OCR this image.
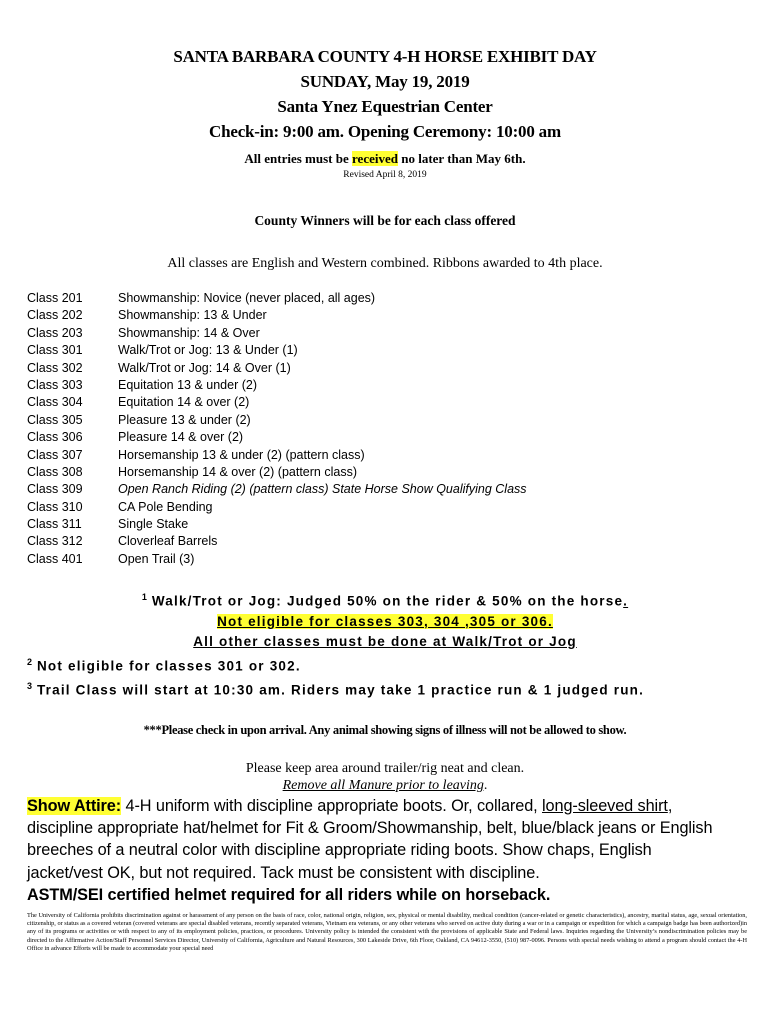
SANTA BARBARA COUNTY 4-H HORSE EXHIBIT DAY
SUNDAY, May 19, 2019
Santa Ynez Equestrian Center
Check-in: 9:00 am. Opening Ceremony: 10:00 am
All entries must be received no later than May 6th.
Revised April 8, 2019
County Winners will be for each class offered
All classes are English and Western combined. Ribbons awarded to 4th place.
Class 201	Showmanship: Novice (never placed, all ages)
Class 202	Showmanship: 13 & Under
Class 203	Showmanship: 14 & Over
Class 301	Walk/Trot or Jog: 13 & Under (1)
Class 302	Walk/Trot or Jog: 14 & Over (1)
Class 303	Equitation 13 & under (2)
Class 304	Equitation 14 & over (2)
Class 305	Pleasure 13 & under (2)
Class 306	Pleasure 14 & over (2)
Class 307	Horsemanship 13 & under (2) (pattern class)
Class 308	Horsemanship 14 & over (2) (pattern class)
Class 309	Open Ranch Riding (2) (pattern class) State Horse Show Qualifying Class
Class 310	CA Pole Bending
Class 311	Single Stake
Class 312	Cloverleaf Barrels
Class 401	Open Trail (3)
$^1$ Walk/Trot or Jog: Judged 50% on the rider & 50% on the horse.
Not eligible for classes 303, 304 ,305 or 306.
All other classes must be done at Walk/Trot or Jog
$^2$ Not eligible for classes 301 or 302.
$^3$ Trail Class will start at 10:30 am. Riders may take 1 practice run & 1 judged run.
***Please check in upon arrival. Any animal showing signs of illness will not be allowed to show.
Please keep area around trailer/rig neat and clean.
Remove all Manure prior to leaving.
Show Attire: 4-H uniform with discipline appropriate boots. Or, collared, long-sleeved shirt,
discipline appropriate hat/helmet for Fit & Groom/Showmanship, belt, blue/black jeans or English
breeches of a neutral color with discipline appropriate riding boots. Show chaps, English
jacket/vest OK, but not required. Tack must be consistent with discipline.
ASTM/SEI certified helmet required for all riders while on horseback.
The University of California prohibits discrimination against or harassment of any person on the basis of race, color, national origin, religion, sex, physical or mental disability, medical condition (cancer-related or genetic characteristics), ancestry, marital status, age, sexual orientation, citizenship, or status as a covered veteran (covered veterans are special disabled veterans, recently separated veterans, Vietnam era veterans, or any other veterans who served on active duty during a war or in a campaign or expedition for which a campaign badge has been authorized)in any of its programs or activities or with respect to any of its employment policies, practices, or procedures. University policy is intended the consistent with the provisions of applicable State and Federal laws. Inquiries regarding the University’s nondiscrimination policies may be directed to the Affirmative Action/Staff Personnel Services Director, University of California, Agriculture and Natural Resources, 300 Lakeside Drive, 6th Floor, Oakland, CA 94612-3550, (510) 987-0096. Persons with special needs wishing to attend a program should contact the 4-H Office in advance Efforts will be made to accommodate your special need
